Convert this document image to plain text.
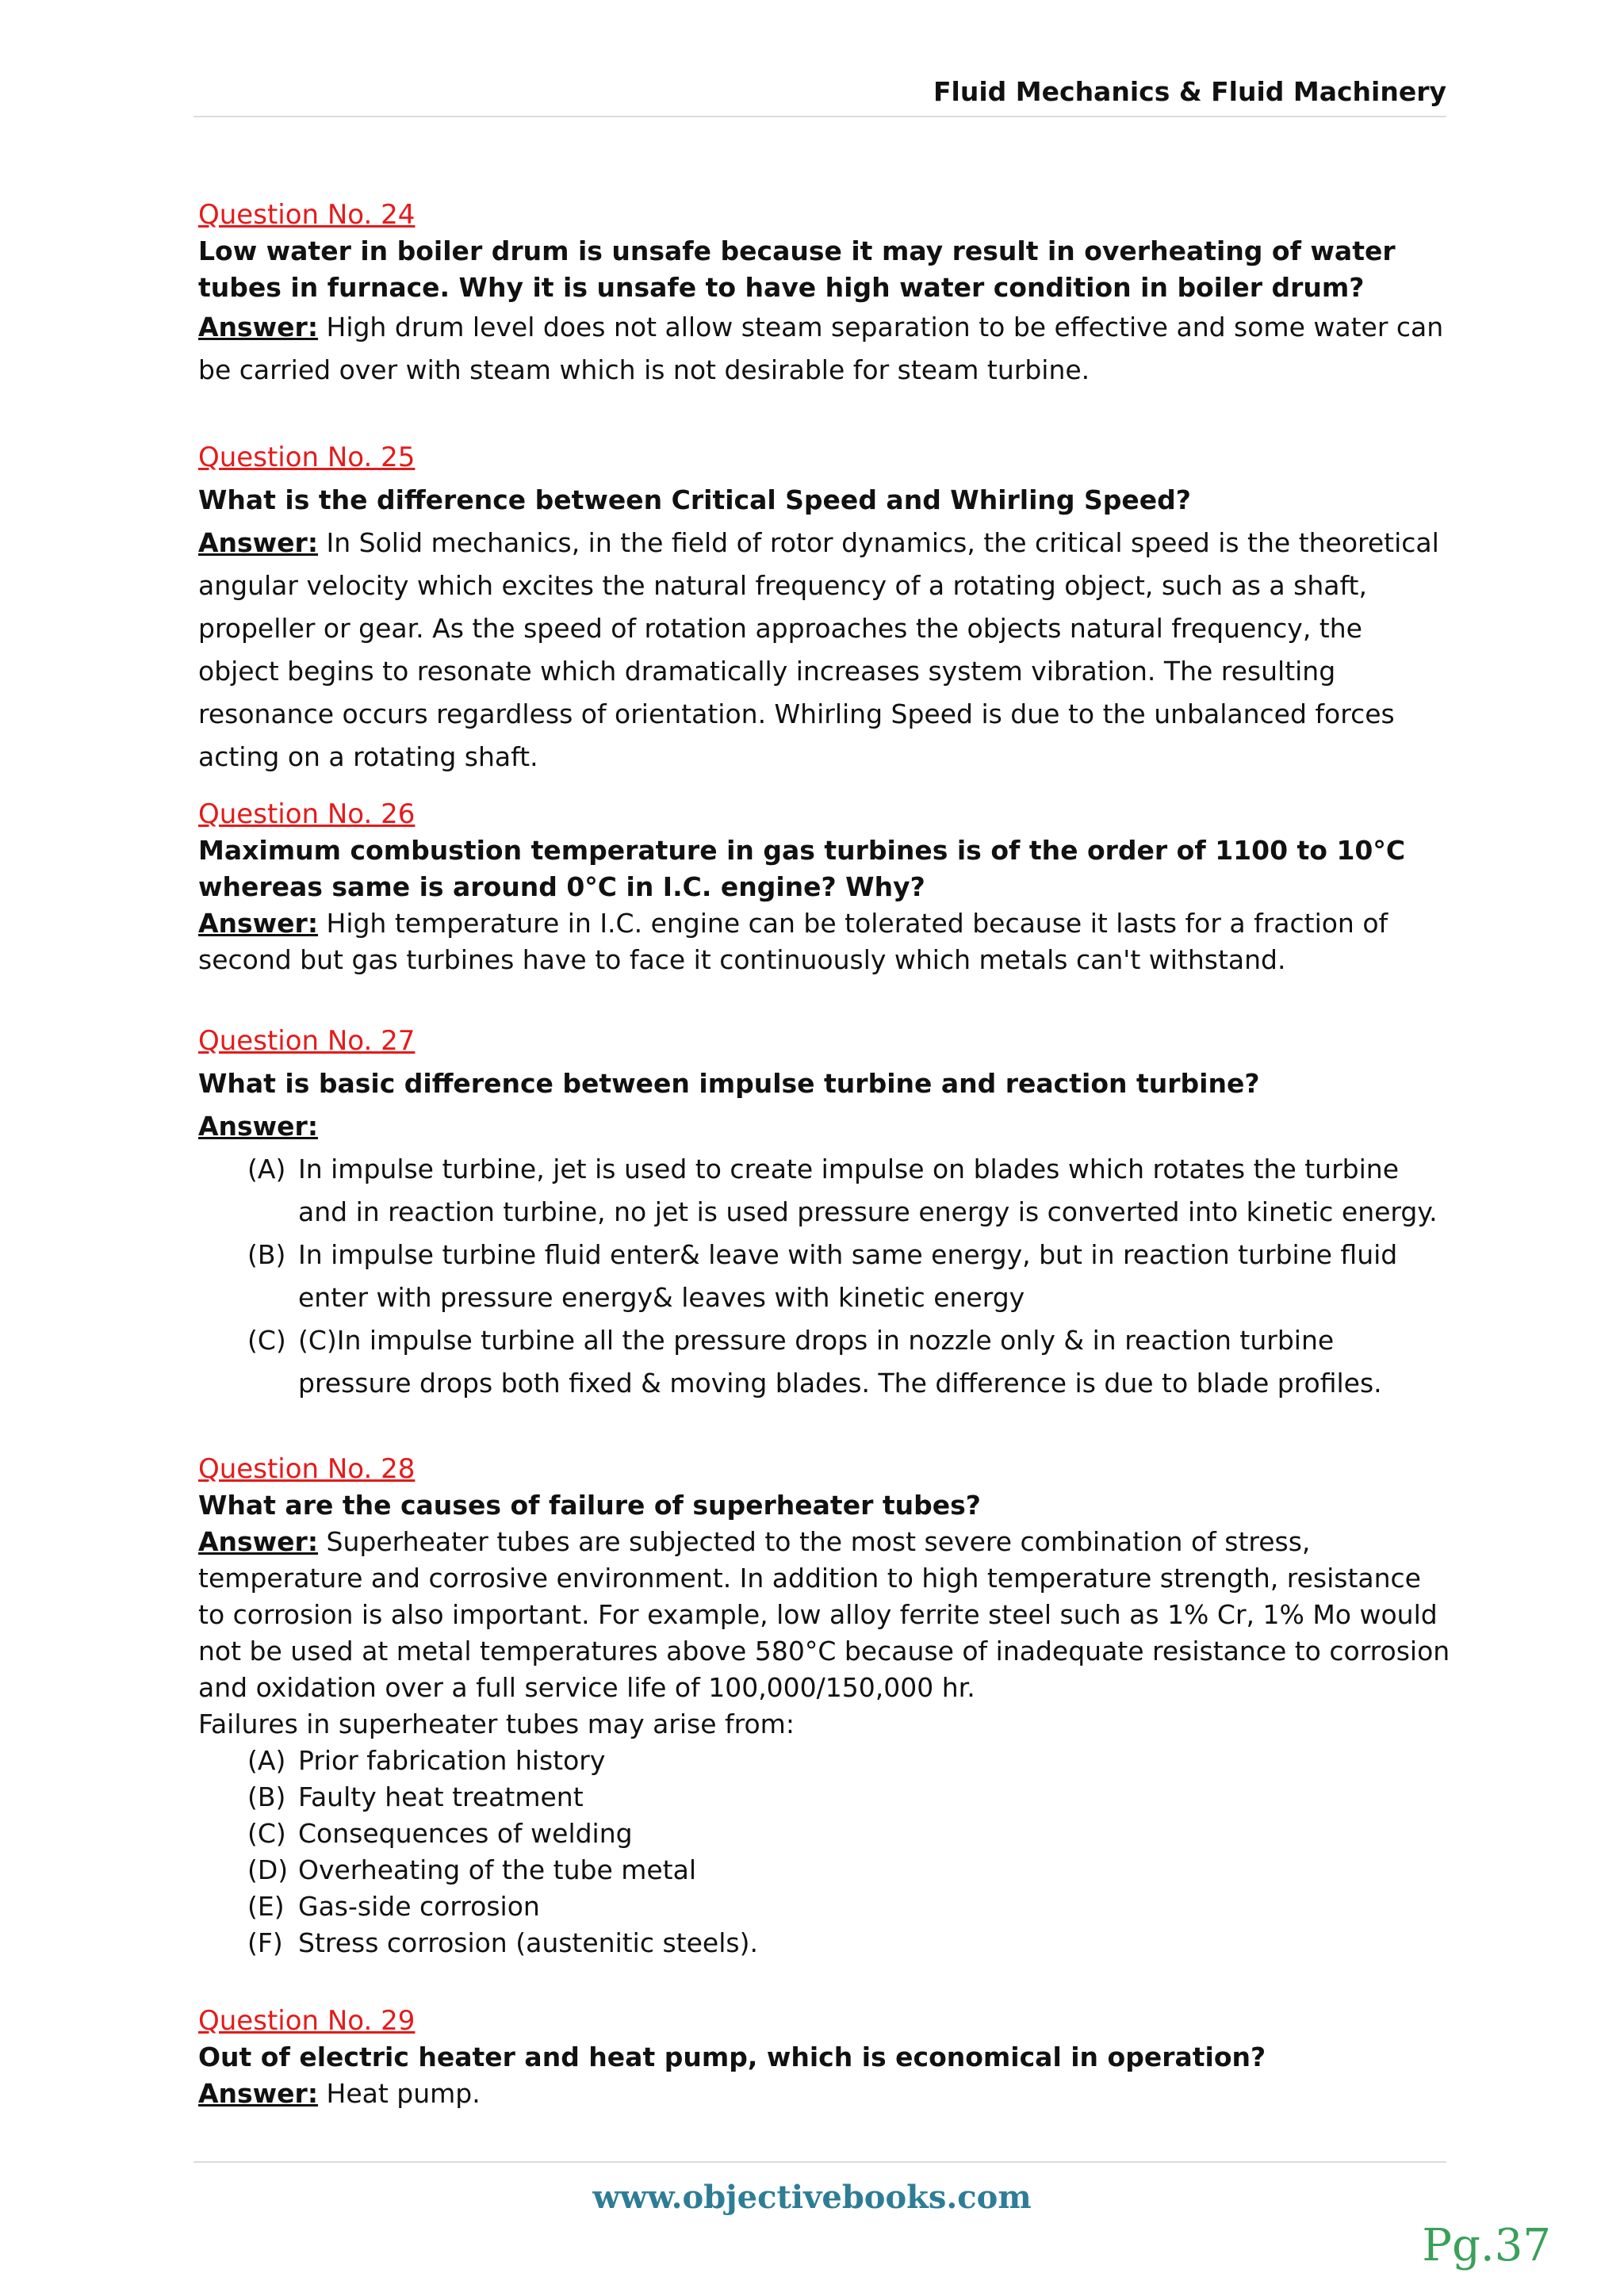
Fluid Mechanics & Fluid Machinery
Question No. 24
Low water in boiler drum is unsafe because it may result in overheating of water tubes in furnace. Why it is unsafe to have high water condition in boiler drum?
Answer: High drum level does not allow steam separation to be effective and some water can be carried over with steam which is not desirable for steam turbine.
Question No. 25
What is the difference between Critical Speed and Whirling Speed?
Answer: In Solid mechanics, in the field of rotor dynamics, the critical speed is the theoretical angular velocity which excites the natural frequency of a rotating object, such as a shaft, propeller or gear. As the speed of rotation approaches the objects natural frequency, the object begins to resonate which dramatically increases system vibration. The resulting resonance occurs regardless of orientation. Whirling Speed is due to the unbalanced forces acting on a rotating shaft.
Question No. 26
Maximum combustion temperature in gas turbines is of the order of 1100 to 10°C whereas same is around 0°C in I.C. engine? Why?
Answer: High temperature in I.C. engine can be tolerated because it lasts for a fraction of second but gas turbines have to face it continuously which metals can't withstand.
Question No. 27
What is basic difference between impulse turbine and reaction turbine?
Answer:
(A) In impulse turbine, jet is used to create impulse on blades which rotates the turbine and in reaction turbine, no jet is used pressure energy is converted into kinetic energy.
(B) In impulse turbine fluid enter& leave with same energy, but in reaction turbine fluid enter with pressure energy& leaves with kinetic energy
(C) (C)In impulse turbine all the pressure drops in nozzle only & in reaction turbine pressure drops both fixed & moving blades. The difference is due to blade profiles.
Question No. 28
What are the causes of failure of superheater tubes?
Answer: Superheater tubes are subjected to the most severe combination of stress, temperature and corrosive environment. In addition to high temperature strength, resistance to corrosion is also important. For example, low alloy ferrite steel such as 1% Cr, 1% Mo would not be used at metal temperatures above 580°C because of inadequate resistance to corrosion and oxidation over a full service life of 100,000/150,000 hr.
Failures in superheater tubes may arise from:
(A) Prior fabrication history
(B) Faulty heat treatment
(C) Consequences of welding
(D) Overheating of the tube metal
(E) Gas-side corrosion
(F) Stress corrosion (austenitic steels).
Question No. 29
Out of electric heater and heat pump, which is economical in operation?
Answer: Heat pump.
www.objectivebooks.com
Pg.37
